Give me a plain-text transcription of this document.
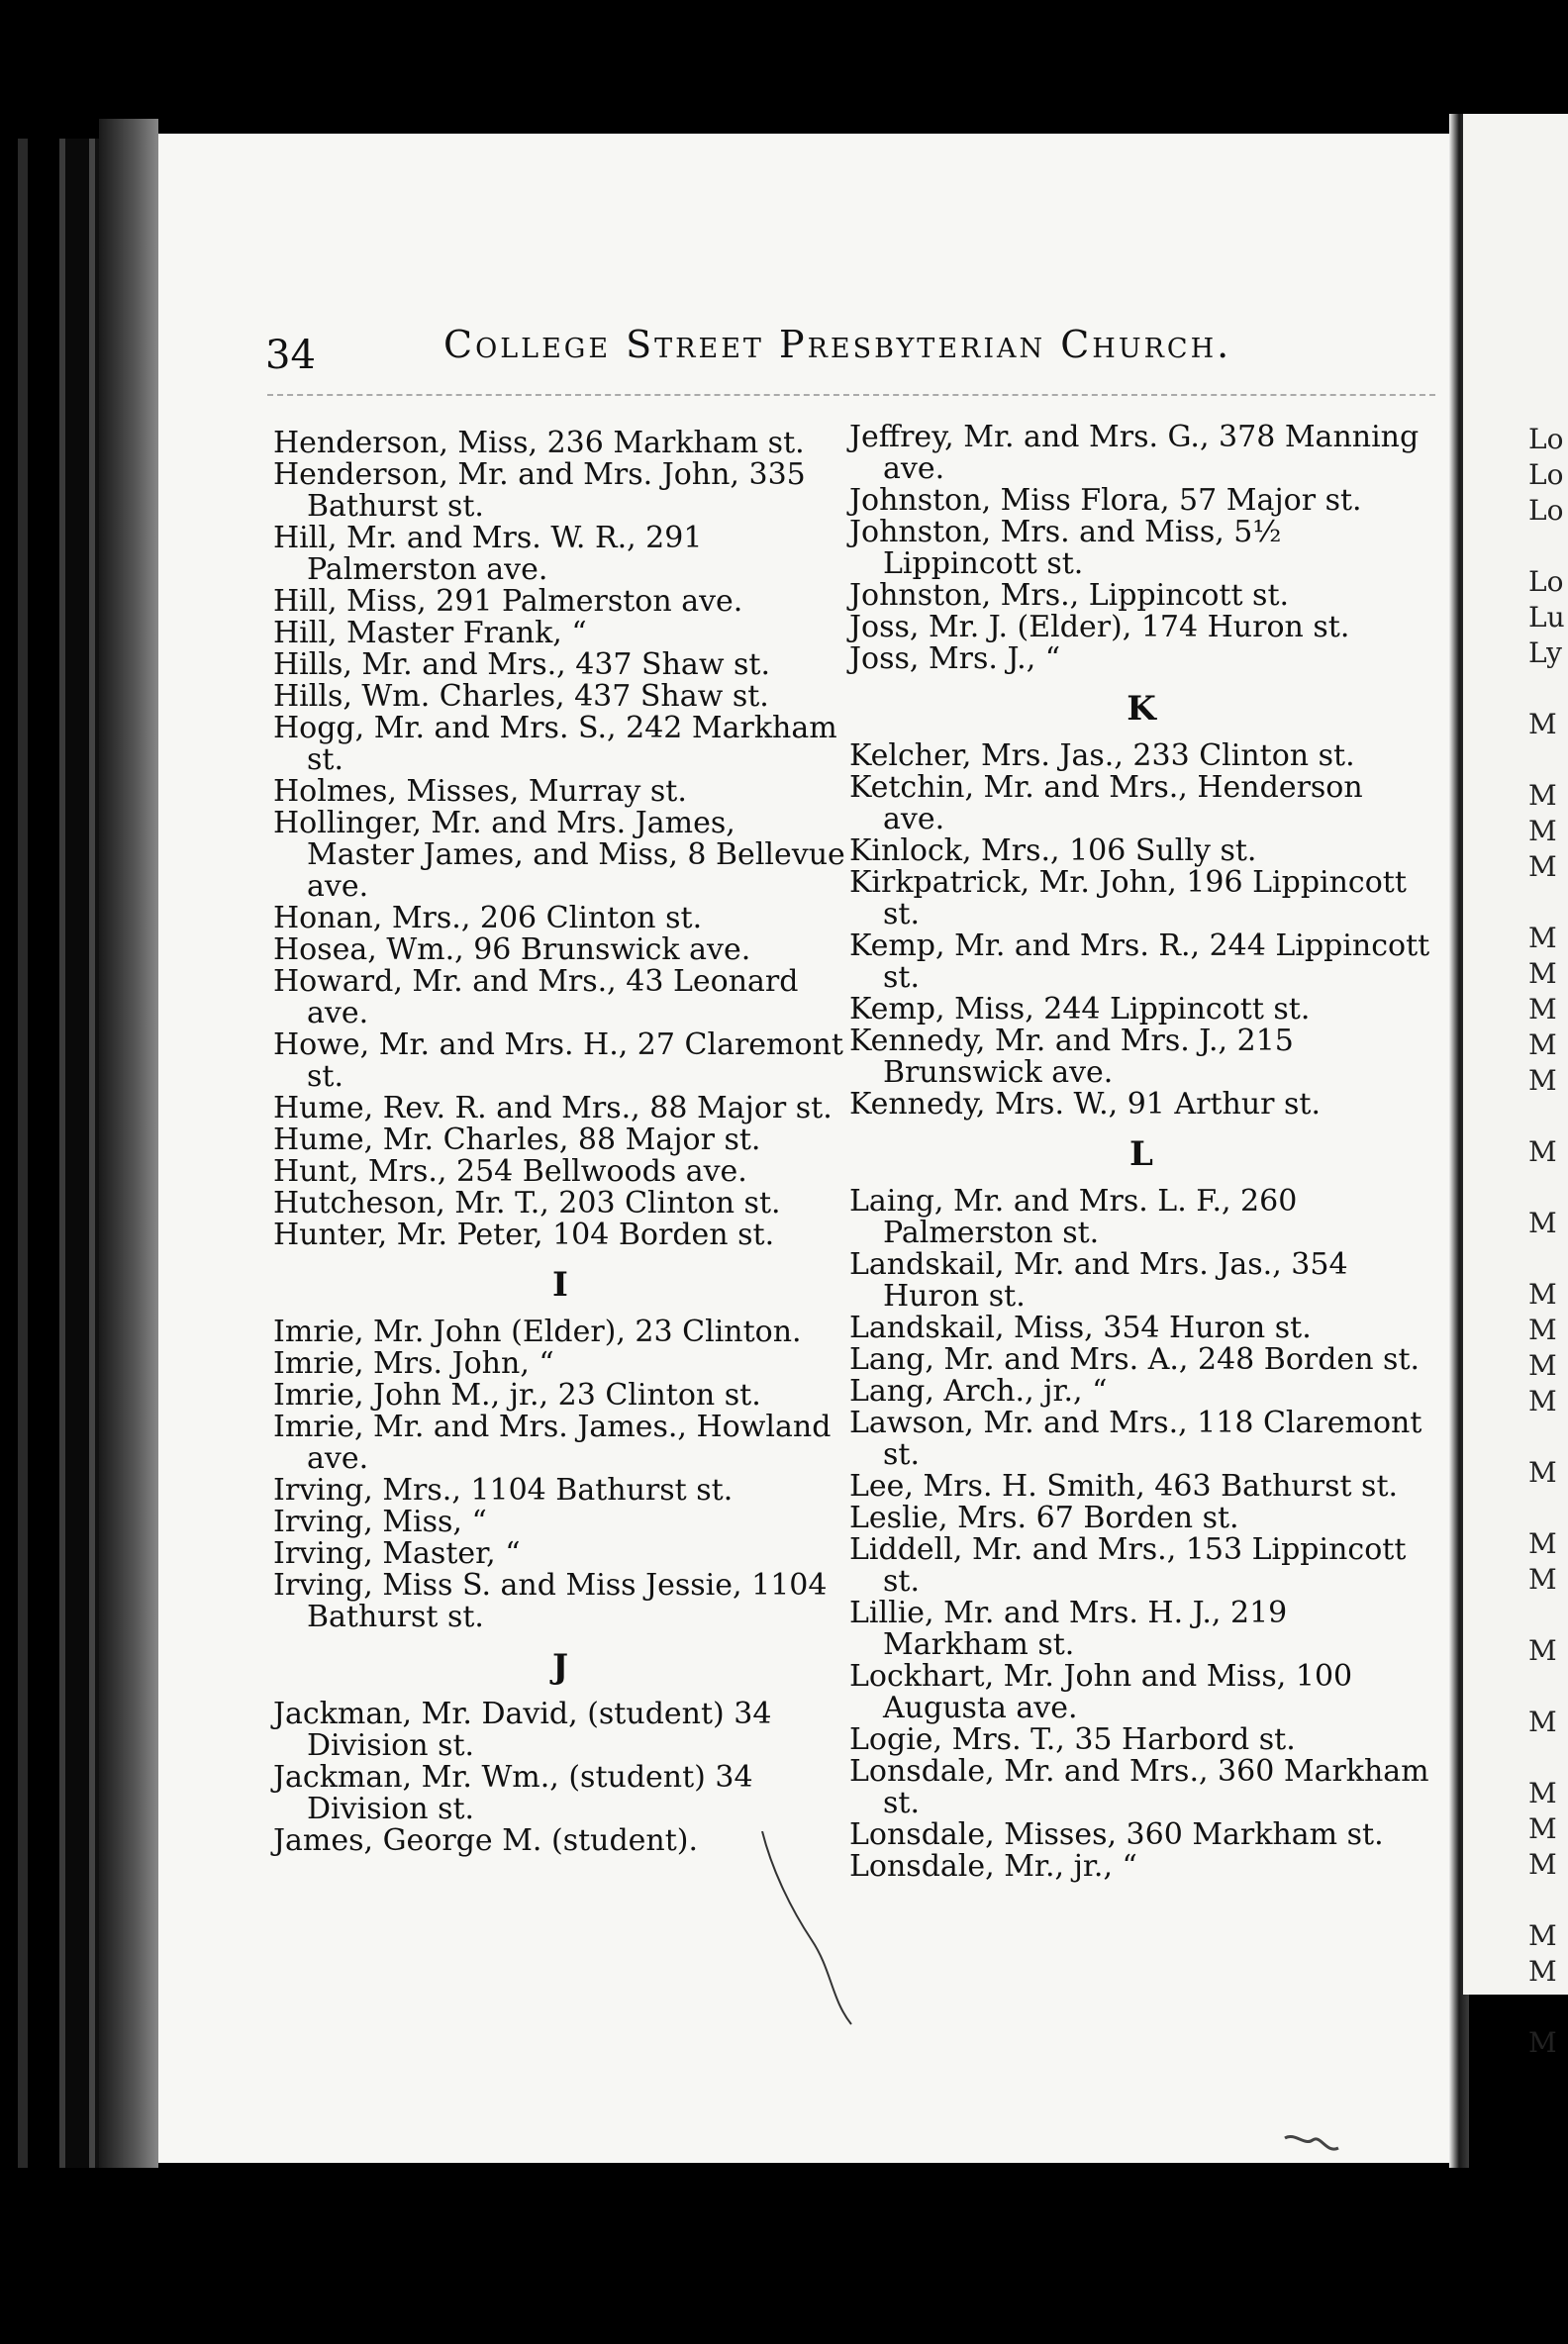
34	College Street Presbyterian Church.

Henderson, Miss, 236 Markham st.

Henderson, Mr. and Mrs. John, 335 Bathurst st.

Hill, Mr. and Mrs. W. R., 291 Palmerston ave.

Hill, Miss, 291 Palmerston ave.

Hill, Master Frank, “

Hills, Mr. and Mrs., 437 Shaw st.

Hills, Wm. Charles, 437 Shaw st.

Hogg, Mr. and Mrs. S., 242 Markham st.

Holmes, Misses, Murray st.

Hollinger, Mr. and Mrs. James, Master James, and Miss, 8 Bellevue ave.

Honan, Mrs., 206 Clinton st.

Hosea, Wm., 96 Brunswick ave.

Howard, Mr. and Mrs., 43 Leonard ave.

Howe, Mr. and Mrs. H., 27 Claremont st.

Hume, Rev. R. and Mrs., 88 Major st.

Hume, Mr. Charles, 88 Major st.

Hunt, Mrs., 254 Bellwoods ave.

Hutcheson, Mr. T., 203 Clinton st.

Hunter, Mr. Peter, 104 Borden st.

I

Imrie, Mr. John (Elder), 23 Clinton.

Imrie, Mrs. John, “

Imrie, John M., jr., 23 Clinton st.

Imrie, Mr. and Mrs. James., Howland ave.

Irving, Mrs., 1104 Bathurst st.

Irving, Miss, “

Irving, Master, “

Irving, Miss S. and Miss Jessie, 1104 Bathurst st.

J

Jackman, Mr. David, (student) 34 Division st.

Jackman, Mr. Wm., (student) 34 Division st.

James, George M. (student).

Jeffrey, Mr. and Mrs. G., 378 Manning ave.

Johnston, Miss Flora, 57 Major st.

Johnston, Mrs. and Miss, 5½ Lippincott st.

Johnston, Mrs., Lippincott st.

Joss, Mr. J. (Elder), 174 Huron st.

Joss, Mrs. J., “

K

Kelcher, Mrs. Jas., 233 Clinton st.

Ketchin, Mr. and Mrs., Henderson ave.

Kinlock, Mrs., 106 Sully st.

Kirkpatrick, Mr. John, 196 Lippincott st.

Kemp, Mr. and Mrs. R., 244 Lippincott st.

Kemp, Miss, 244 Lippincott st.

Kennedy, Mr. and Mrs. J., 215 Brunswick ave.

Kennedy, Mrs. W., 91 Arthur st.

L

Laing, Mr. and Mrs. L. F., 260 Palmerston st.

Landskail, Mr. and Mrs. Jas., 354 Huron st.

Landskail, Miss, 354 Huron st.

Lang, Mr. and Mrs. A., 248 Borden st.

Lang, Arch., jr., “

Lawson, Mr. and Mrs., 118 Claremont st.

Lee, Mrs. H. Smith, 463 Bathurst st.

Leslie, Mrs. 67 Borden st.

Liddell, Mr. and Mrs., 153 Lippincott st.

Lillie, Mr. and Mrs. H. J., 219 Markham st.

Lockhart, Mr. John and Miss, 100 Augusta ave.

Logie, Mrs. T., 35 Harbord st.

Lonsdale, Mr. and Mrs., 360 Markham st.

Lonsdale, Misses, 360 Markham st.

Lonsdale, Mr., jr., “

Lo
Lo
Lo
Lo
Lu
Ly
M
M
M
M
M
M
M
M
M
M
M
M
M
M
M
M
M
M
M
M
M
M
M
M
M
M
